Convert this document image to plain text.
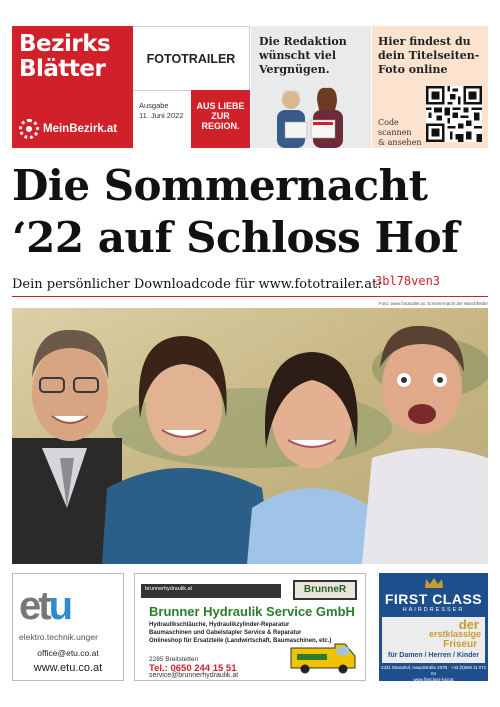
Bezirks
Blätter
MeinBezirk.at
FOTOTRAILER
Ausgabe
11. Juni 2022
AUS LIEBE
ZUR
REGION.
Die Redaktion
wünscht viel
Vergnügen.
Hier findest du
dein Titelseiten-
Foto online
Code
scannen
& ansehen
Die Sommernacht
‘22 auf Schloss Hof
Dein persönlicher Downloadcode für www.fototrailer.at:
3bl78ven3
Foto: www.fototrailer.at, Sommernacht der Marchfelder
etu
elektro.technik.unger
office@etu.co.at
www.etu.co.at
brunnerhydraulik.at	BrunneR
Brunner Hydraulik Service GmbH
Hydraulikschläuche, Hydraulikzylinder-Reparatur
Baumaschinen und Gabelstapler Service & Reparatur
Onlineshop für Ersatzteile (Landwirtschaft, Baumaschinen, etc.)
2285 Breitstetten
Tel.: 0650 244 15 51
service@brunnerhydraulik.at
FIRST CLASS
HAIRDRESSER
der
erstklassige
Friseur
für Damen / Herren / Kinder
2331 Strasshof, Hauptstraße 287B · +43 (0)699 11 072 04
www.firstclass-hair.at
